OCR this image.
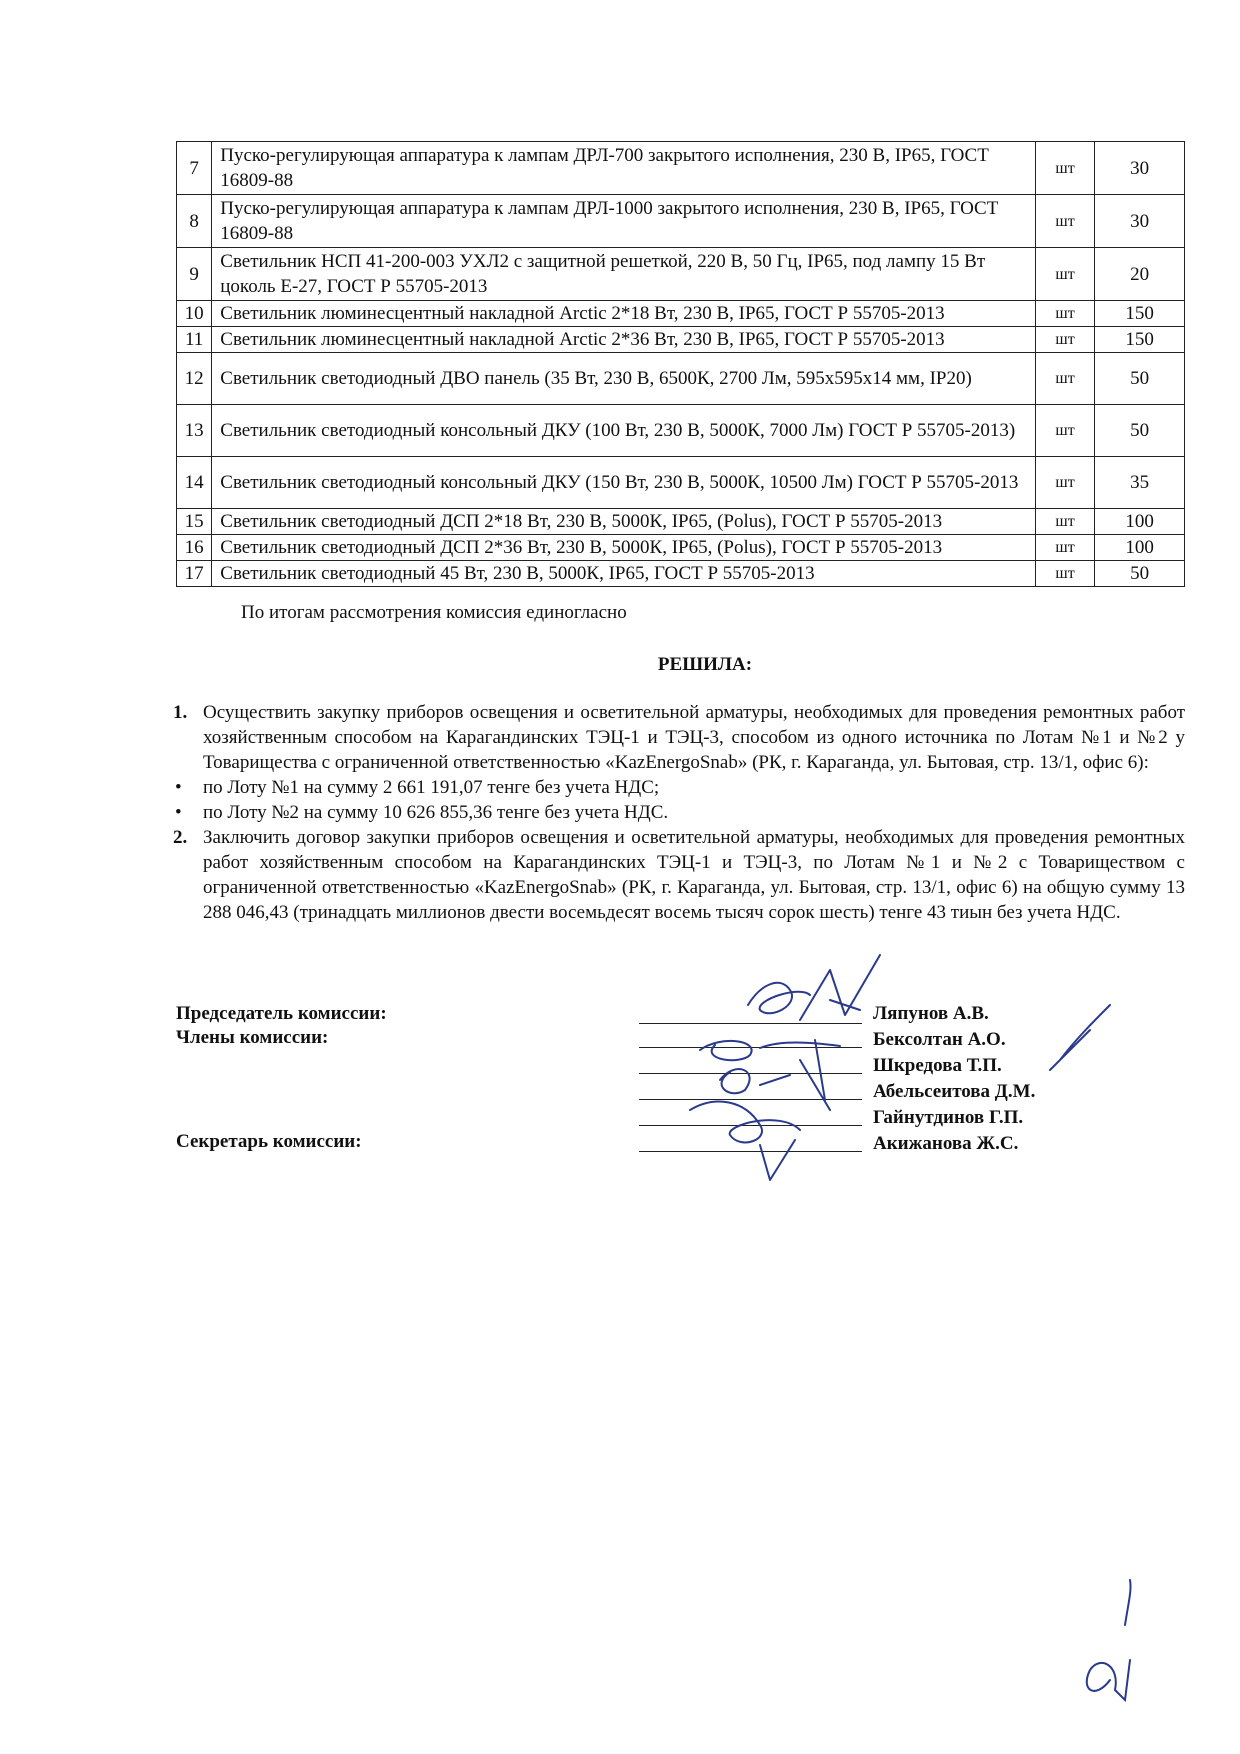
7	Пуско-регулирующая аппаратура к лампам ДРЛ-700 закрытого исполнения, 230 В, IP65, ГОСТ 16809-88	шт	30
8	Пуско-регулирующая аппаратура к лампам ДРЛ-1000 закрытого исполнения, 230 В, IP65, ГОСТ 16809-88	шт	30
9	Светильник НСП 41-200-003 УХЛ2 с защитной решеткой, 220 В, 50 Гц, IP65, под лампу 15 Вт цоколь Е-27, ГОСТ Р 55705-2013	шт	20
10	Светильник люминесцентный накладной Arctic 2*18 Вт, 230 В, IP65, ГОСТ Р 55705-2013	шт	150
11	Светильник люминесцентный накладной Arctic 2*36 Вт, 230 В, IP65, ГОСТ Р 55705-2013	шт	150
12	Светильник светодиодный ДВО панель (35 Вт, 230 В, 6500К, 2700 Лм, 595х595х14 мм, IP20)	шт	50
13	Светильник светодиодный консольный ДКУ (100 Вт, 230 В, 5000К, 7000 Лм) ГОСТ Р 55705-2013)	шт	50
14	Светильник светодиодный консольный ДКУ (150 Вт, 230 В, 5000К, 10500 Лм) ГОСТ Р 55705-2013	шт	35
15	Светильник светодиодный ДСП 2*18 Вт, 230 В, 5000К, IP65, (Polus), ГОСТ Р 55705-2013	шт	100
16	Светильник светодиодный ДСП 2*36 Вт, 230 В, 5000К, IP65, (Polus), ГОСТ Р 55705-2013	шт	100
17	Светильник светодиодный 45 Вт, 230 В, 5000К, IP65, ГОСТ Р 55705-2013	шт	50
По итогам рассмотрения комиссия единогласно
РЕШИЛА:
1. Осуществить закупку приборов освещения и осветительной арматуры, необходимых для проведения ремонтных работ хозяйственным способом на Карагандинских ТЭЦ-1 и ТЭЦ-3, способом из одного источника по Лотам №1 и №2 у Товарищества с ограниченной ответственностью «KazEnergoSnab» (РК, г. Караганда, ул. Бытовая, стр. 13/1, офис 6):
•	по Лоту №1 на сумму 2 661 191,07 тенге без учета НДС;
•	по Лоту №2 на сумму 10 626 855,36 тенге без учета НДС.
2. Заключить договор закупки приборов освещения и осветительной арматуры, необходимых для проведения ремонтных работ хозяйственным способом на Карагандинских ТЭЦ-1 и ТЭЦ-3, по Лотам №1 и №2 с Товариществом с ограниченной ответственностью «KazEnergoSnab» (РК, г. Караганда, ул. Бытовая, стр. 13/1, офис 6) на общую сумму 13 288 046,43 (тринадцать миллионов двести восемьдесят восемь тысяч сорок шесть) тенге 43 тиын без учета НДС.
Председатель комиссии:
Члены комиссии:
Секретарь комиссии:
Ляпунов А.В.
Бексолтан А.О.
Шкредова Т.П.
Абельсеитова Д.М.
Гайнутдинов Г.П.
Акижанова Ж.С.
